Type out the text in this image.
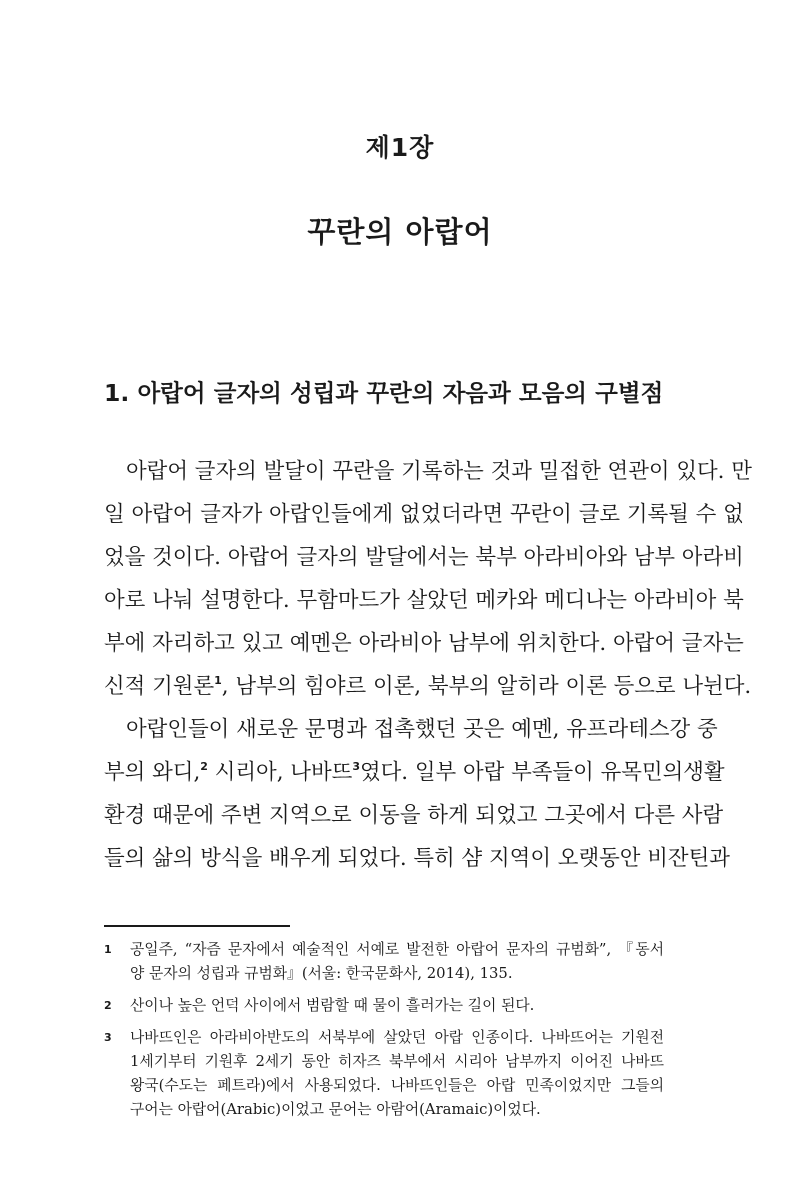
제1장
꾸란의 아랍어
1. 아랍어 글자의 성립과 꾸란의 자음과 모음의 구별점
아랍어 글자의 발달이 꾸란을 기록하는 것과 밀접한 연관이 있다. 만
일 아랍어 글자가 아랍인들에게 없었더라면 꾸란이 글로 기록될 수 없
었을 것이다. 아랍어 글자의 발달에서는 북부 아라비아와 남부 아라비
아로 나눠 설명한다. 무함마드가 살았던 메카와 메디나는 아라비아 북
부에 자리하고 있고 예멘은 아라비아 남부에 위치한다. 아랍어 글자는
신적 기원론$^1$, 남부의 힘야르 이론, 북부의 알히라 이론 등으로 나뉜다.
아랍인들이 새로운 문명과 접촉했던 곳은 예멘, 유프라테스강 중
부의 와디,$^2$ 시리아, 나바뜨$^3$였다. 일부 아랍 부족들이 유목민의생활
환경 때문에 주변 지역으로 이동을 하게 되었고 그곳에서 다른 사람
들의 삶의 방식을 배우게 되었다. 특히 샴 지역이 오랫동안 비잔틴과
1 공일주, “자즘 문자에서 예술적인 서예로 발전한 아랍어 문자의 규범화”, 『동서
양 문자의 성립과 규범화』(서울: 한국문화사, 2014), 135.
2 산이나 높은 언덕 사이에서 범람할 때 물이 흘러가는 길이 된다.
3 나바뜨인은 아라비아반도의 서북부에 살았던 아랍 인종이다. 나바뜨어는 기원전
1세기부터 기원후 2세기 동안 히자즈 북부에서 시리아 남부까지 이어진 나바뜨
왕국(수도는 페트라)에서 사용되었다. 나바뜨인들은 아랍 민족이었지만 그들의
구어는 아랍어(Arabic)이었고 문어는 아람어(Aramaic)이었다.
